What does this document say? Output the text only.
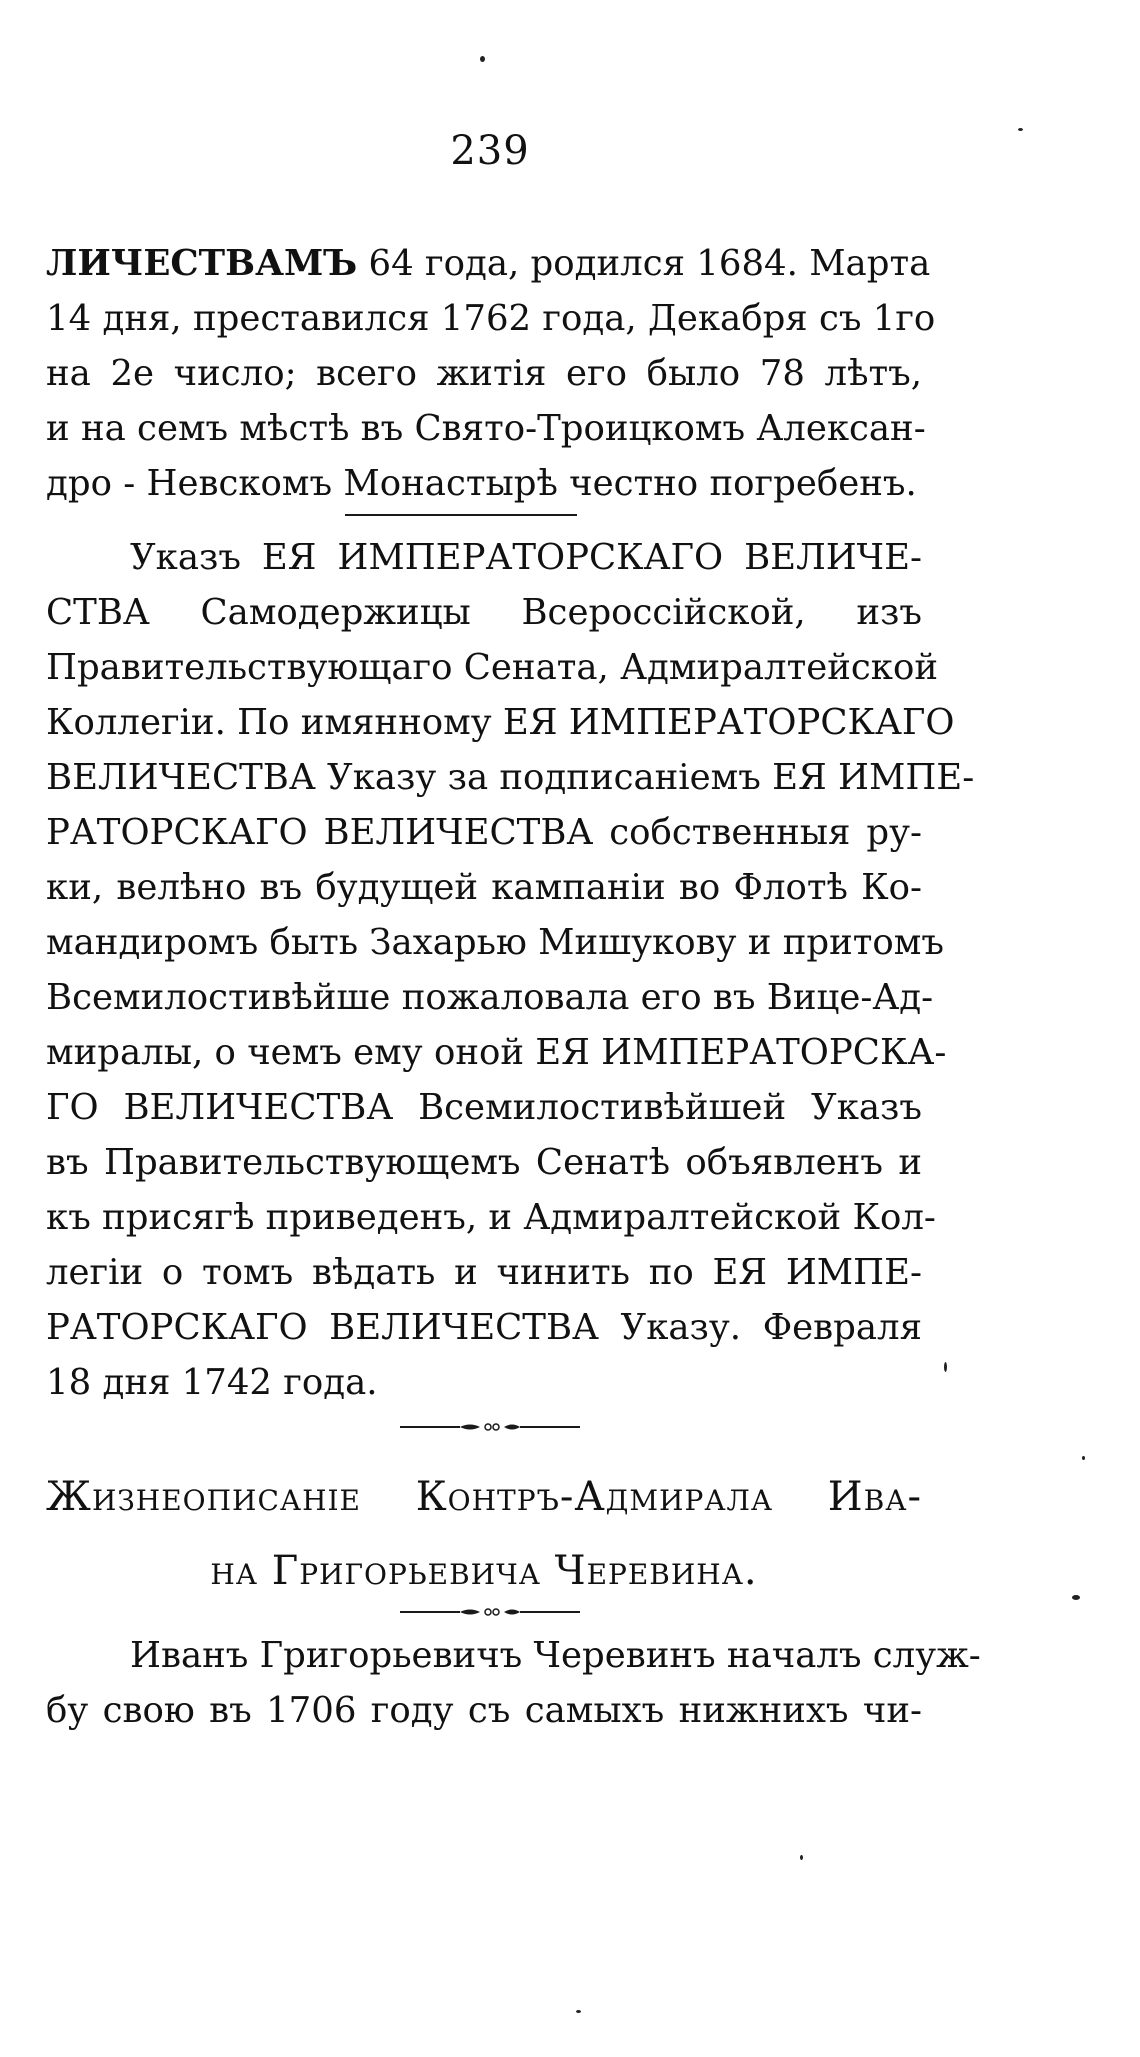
239
ЛИЧЕСТВАМЪ 64 года, родился 1684. Марта
14 дня, преставился 1762 года, Декабря съ 1го
на 2е число; всего житія его было 78 лѣтъ,
и на семъ мѣстѣ въ Свято-Троицкомъ Алексан-
дро - Невскомъ Монастырѣ честно погребенъ.
Указъ ЕЯ ИМПЕРАТОРСКАГО ВЕЛИЧЕ-
СТВА Самодержицы Всероссійской, изъ
Правительствующаго Сената, Адмиралтейской
Коллегіи. По имянному ЕЯ ИМПЕРАТОРСКАГО
ВЕЛИЧЕСТВА Указу за подписаніемъ ЕЯ ИМПЕ-
РАТОРСКАГО ВЕЛИЧЕСТВА собственныя ру-
ки, велѣно въ будущей кампаніи во Флотѣ Ко-
мандиромъ быть Захарью Мишукову и притомъ
Всемилостивѣйше пожаловала его въ Вице-Ад-
миралы, о чемъ ему оной ЕЯ ИМПЕРАТОРСКА-
ГО ВЕЛИЧЕСТВА Всемилостивѣйшей Указъ
въ Правительствующемъ Сенатѣ объявленъ и
къ присягѣ приведенъ, и Адмиралтейской Кол-
легіи о томъ вѣдать и чинить по ЕЯ ИМПЕ-
РАТОРСКАГО ВЕЛИЧЕСТВА Указу. Февраля
18 дня 1742 года.
Жизнеописаніе Контръ-Адмирала Ива-
на Григорьевича Черевина.
Иванъ Григорьевичъ Черевинъ началъ служ-
бу свою въ 1706 году съ самыхъ нижнихъ чи-
